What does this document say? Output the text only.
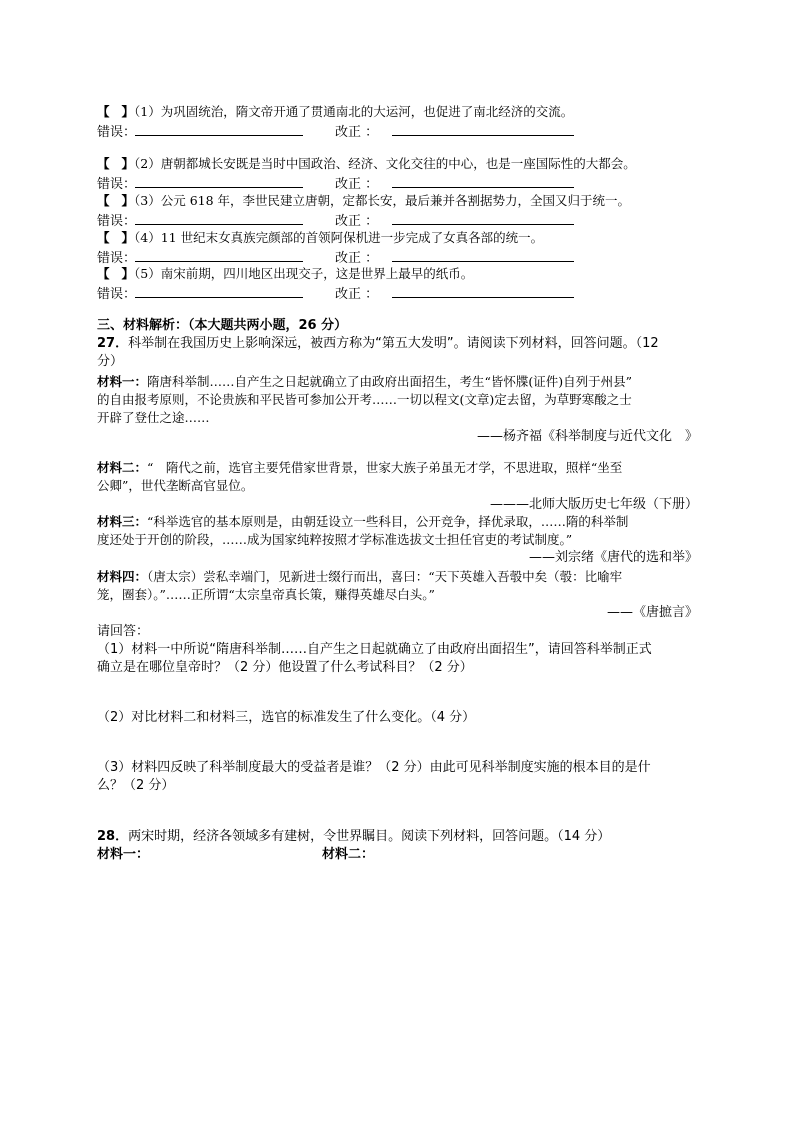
【 】（1）为巩固统治，隋文帝开通了贯通南北的大运河，也促进了南北经济的交流。
错误：	改正 ：
【 】（2）唐朝都城长安既是当时中国政治、经济、文化交往的中心，也是一座国际性的大都会。
错误：	改正 ：
【 】（3）公元 618 年，李世民建立唐朝，定都长安，最后兼并各割据势力，全国又归于统一。
错误：	改正 ：
【 】（4）11 世纪末女真族完颜部的首领阿保机进一步完成了女真各部的统一。
错误：	改正 ：
【 】（5）南宋前期，四川地区出现交子，这是世界上最早的纸币。
错误：	改正 ：
三、材料解析：（本大题共两小题，26 分）
27．科举制在我国历史上影响深远，被西方称为“第五大发明”。请阅读下列材料，回答问题。（12
分）
材料一：隋唐科举制……自产生之日起就确立了由政府出面招生，考生“皆怀牒(证件)自列于州县”
的自由报考原则，不论贵族和平民皆可参加公开考……一切以程文(文章)定去留，为草野寒酸之士
开辟了登仕之途……
——杨齐福《科举制度与近代文化　》
材料二：“　隋代之前，选官主要凭借家世背景，世家大族子弟虽无才学，不思进取，照样“坐至
公卿”，世代垄断高官显位。
———北师大版历史七年级（下册）
材料三：“科举选官的基本原则是，由朝廷设立一些科目，公开竞争，择优录取，……隋的科举制
度还处于开创的阶段，……成为国家纯粹按照才学标准选拔文士担任官吏的考试制度。”
——刘宗绪《唐代的选和举》
材料四：（唐太宗）尝私幸端门，见新进士缀行而出，喜曰：“天下英雄入吾彀中矣（彀：比喻牢
笼，圈套）。”……正所谓“太宗皇帝真长策，赚得英雄尽白头。”
——《唐摭言》
请回答：
（1）材料一中所说“隋唐科举制……自产生之日起就确立了由政府出面招生”，请回答科举制正式
确立是在哪位皇帝时？（2 分）他设置了什么考试科目？（2 分）
（2）对比材料二和材料三，选官的标准发生了什么变化。（4 分）
（3）材料四反映了科举制度最大的受益者是谁？（2 分）由此可见科举制度实施的根本目的是什
么？（2 分）
28．两宋时期，经济各领域多有建树，令世界瞩目。阅读下列材料，回答问题。（14 分）
材料一：	材料二：
